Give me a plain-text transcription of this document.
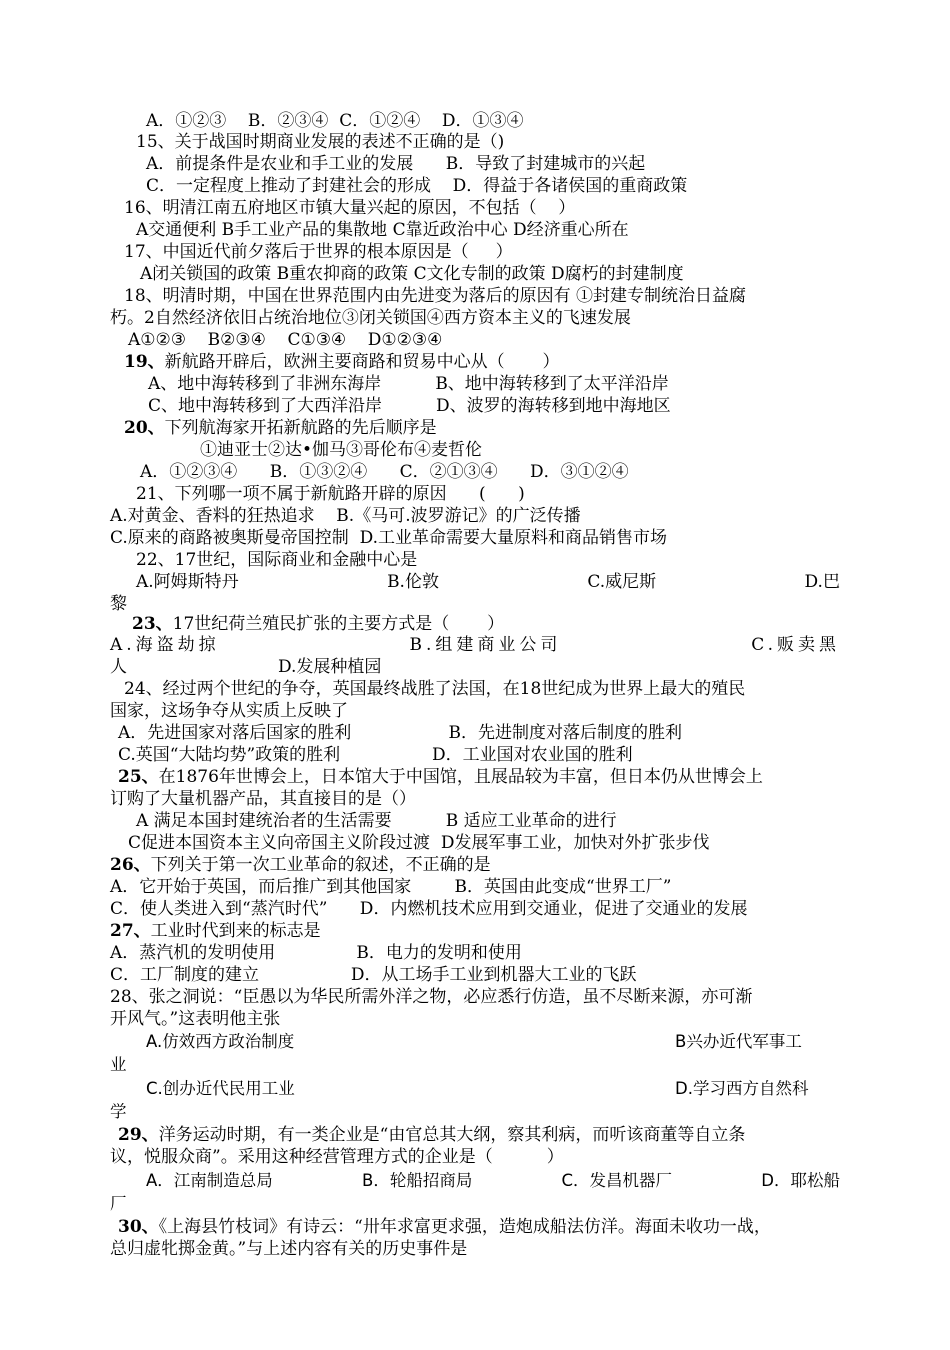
A．①②③    B．②③④  C．①②④    D．①③④
15、关于战国时期商业发展的表述不正确的是（)
A．前提条件是农业和手工业的发展      B．导致了封建城市的兴起
C．一定程度上推动了封建社会的形成    D．得益于各诸侯国的重商政策
16、明清江南五府地区市镇大量兴起的原因，不包括（    ）
A交通便利 B手工业产品的集散地 C靠近政治中心 D经济重心所在
17、中国近代前夕落后于世界的根本原因是（     ）
A闭关锁国的政策 B重农抑商的政策 C文化专制的政策 D腐朽的封建制度
18、明清时期，中国在世界范围内由先进变为落后的原因有 ①封建专制统治日益腐
朽。2自然经济依旧占统治地位③闭关锁国④西方资本主义的飞速发展
A①②③    B②③④    C①③④    D①②③④
19、新航路开辟后，欧洲主要商路和贸易中心从（       ）
A、地中海转移到了非洲东海岸          B、地中海转移到了太平洋沿岸
C、地中海转移到了大西洋沿岸          D、波罗的海转移到地中海地区
20、下列航海家开拓新航路的先后顺序是
①迪亚士②达•伽马③哥伦布④麦哲伦
A．①②③④      B．①③②④      C．②①③④      D．③①②④
21、下列哪一项不属于新航路开辟的原因      (      )
A.对黄金、香料的狂热追求    B.《马可.波罗游记》的广泛传播
C.原来的商路被奥斯曼帝国控制  D.工业革命需要大量原料和商品销售市场
22、17世纪，国际商业和金融中心是
A.阿姆斯特丹	B.伦敦	C.威尼斯	D.巴
黎
23、17世纪荷兰殖民扩张的主要方式是（       ）
A.海盗劫掠	B.组建商业公司	C.贩卖黑
人	D.发展种植园
24、经过两个世纪的争夺，英国最终战胜了法国，在18世纪成为世界上最大的殖民
国家，这场争夺从实质上反映了
A．先进国家对落后国家的胜利                  B．先进制度对落后制度的胜利
C.英国“大陆均势”政策的胜利                 D．工业国对农业国的胜利
25、在1876年世博会上，日本馆大于中国馆，且展品较为丰富，但日本仍从世博会上
订购了大量机器产品，其直接目的是（）
A 满足本国封建统治者的生活需要          B 适应工业革命的进行
C促进本国资本主义向帝国主义阶段过渡  D发展军事工业，加快对外扩张步伐
26、下列关于第一次工业革命的叙述，不正确的是
A．它开始于英国，而后推广到其他国家        B．英国由此变成“世界工厂”
C．使人类进入到“蒸汽时代”      D．内燃机技术应用到交通业，促进了交通业的发展
27、工业时代到来的标志是
A．蒸汽机的发明使用               B．电力的发明和使用
C．工厂制度的建立                 D．从工场手工业到机器大工业的飞跃
28、张之洞说：“臣愚以为华民所需外洋之物，必应悉行仿造，虽不尽断来源，亦可渐
开风气。”这表明他主张
A.仿效西方政治制度	B兴办近代军事工
业
C.创办近代民用工业	D.学习西方自然科
学
29、洋务运动时期，有一类企业是“由官总其大纲，察其利病，而听该商董等自立条
议，悦服众商”。采用这种经营管理方式的企业是（          ）
A．江南制造总局	B．轮船招商局	C．发昌机器厂	D．耶松船
厂
30、《上海县竹枝词》有诗云：“卅年求富更求强，造炮成船法仿洋。海面未收功一战，
总归虚牝掷金黄。”与上述内容有关的历史事件是
